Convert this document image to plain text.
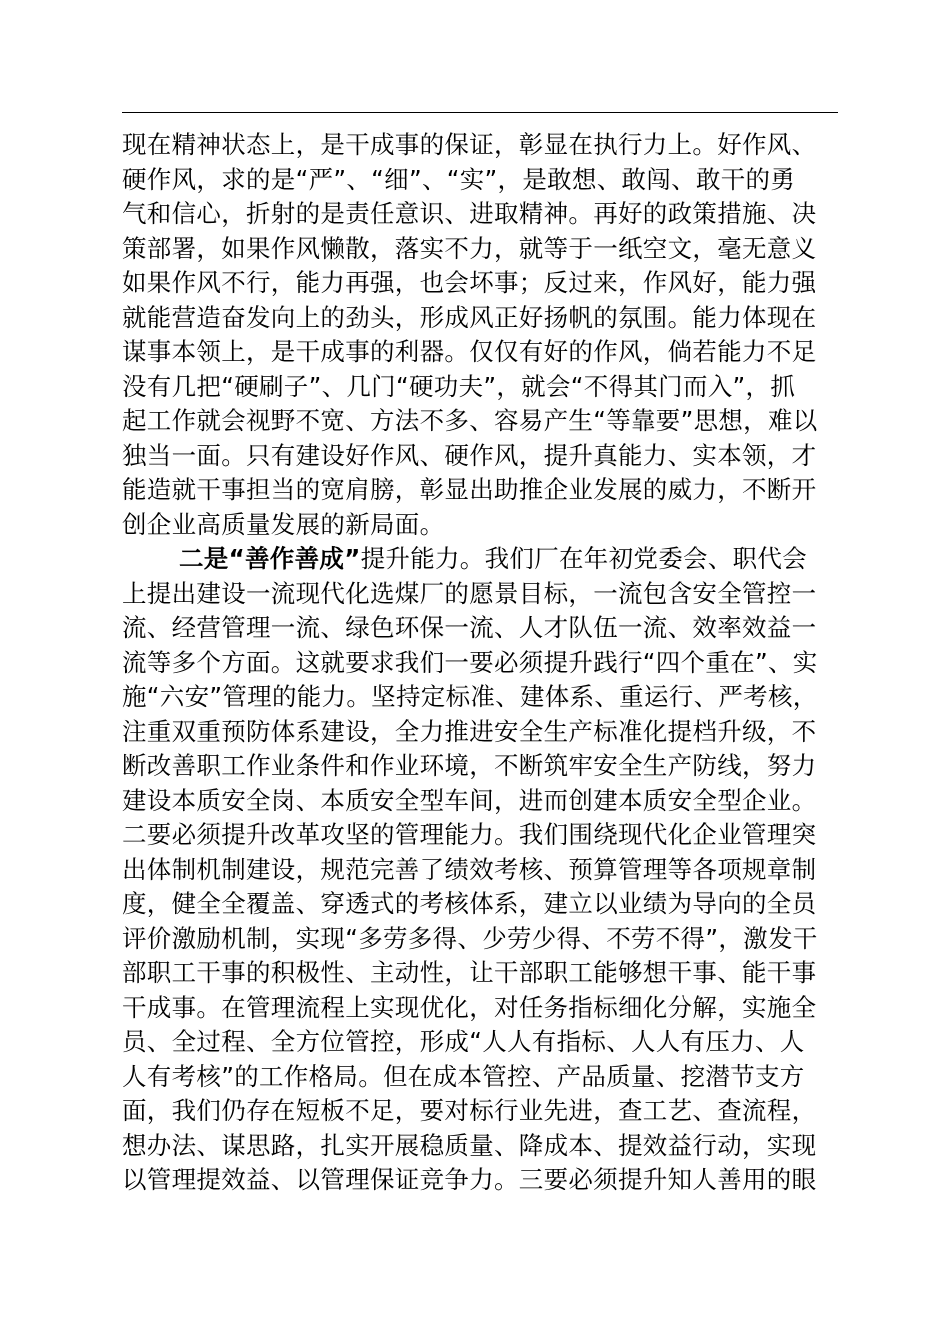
现在精神状态上，是干成事的保证，彰显在执行力上。好作风、
硬作风，求的是“严”、“细”、“实”，是敢想、敢闯、敢干的勇
气和信心，折射的是责任意识、进取精神。再好的政策措施、决
策部署，如果作风懒散，落实不力，就等于一纸空文，毫无意义
如果作风不行，能力再强，也会坏事；反过来，作风好，能力强
就能营造奋发向上的劲头，形成风正好扬帆的氛围。能力体现在
谋事本领上，是干成事的利器。仅仅有好的作风，倘若能力不足
没有几把“硬刷子”、几门“硬功夫”，就会“不得其门而入”，抓
起工作就会视野不宽、方法不多、容易产生“等靠要”思想，难以
独当一面。只有建设好作风、硬作风，提升真能力、实本领，才
能造就干事担当的宽肩膀，彰显出助推企业发展的威力，不断开
创企业高质量发展的新局面。
二是“善作善成”提升能力。我们厂在年初党委会、职代会
上提出建设一流现代化选煤厂的愿景目标，一流包含安全管控一
流、经营管理一流、绿色环保一流、人才队伍一流、效率效益一
流等多个方面。这就要求我们一要必须提升践行“四个重在”、实
施“六安”管理的能力。坚持定标准、建体系、重运行、严考核，
注重双重预防体系建设，全力推进安全生产标准化提档升级，不
断改善职工作业条件和作业环境，不断筑牢安全生产防线，努力
建设本质安全岗、本质安全型车间，进而创建本质安全型企业。
二要必须提升改革攻坚的管理能力。我们围绕现代化企业管理突
出体制机制建设，规范完善了绩效考核、预算管理等各项规章制
度，健全全覆盖、穿透式的考核体系，建立以业绩为导向的全员
评价激励机制，实现“多劳多得、少劳少得、不劳不得”，激发干
部职工干事的积极性、主动性，让干部职工能够想干事、能干事
干成事。在管理流程上实现优化，对任务指标细化分解，实施全
员、全过程、全方位管控，形成“人人有指标、人人有压力、人
人有考核”的工作格局。但在成本管控、产品质量、挖潜节支方
面，我们仍存在短板不足，要对标行业先进，查工艺、查流程，
想办法、谋思路，扎实开展稳质量、降成本、提效益行动，实现
以管理提效益、以管理保证竞争力。三要必须提升知人善用的眼
